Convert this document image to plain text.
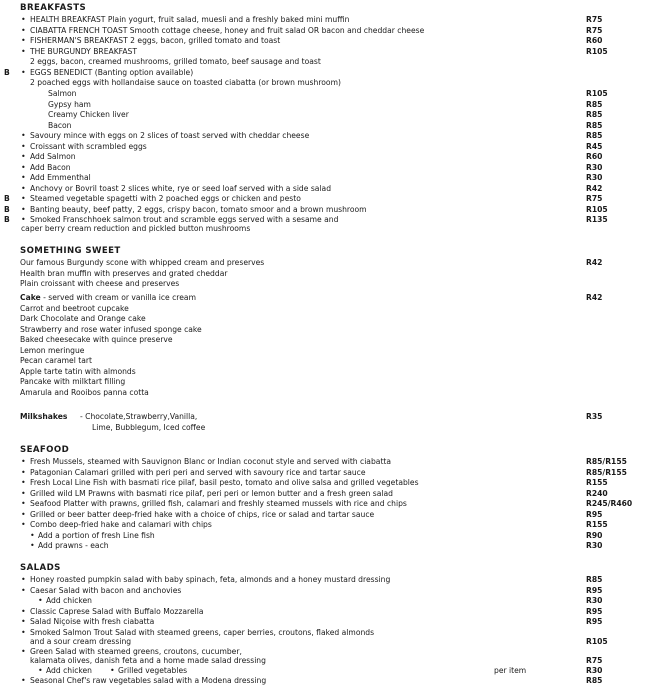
BREAKFASTS
• HEALTH BREAKFAST Plain yogurt, fruit salad, muesli and a freshly baked mini muffin	R75
• CIABATTA FRENCH TOAST Smooth cottage cheese, honey and fruit salad OR bacon and cheddar cheese	R75
• FISHERMAN'S BREAKFAST 2 eggs, bacon, grilled tomato and toast	R60
• THE BURGUNDY BREAKFAST	R105
2 eggs, bacon, creamed mushrooms, grilled tomato, beef sausage and toast
B • EGGS BENEDICT (Banting option available)
2 poached eggs with hollandaise sauce on toasted ciabatta (or brown mushroom)
Salmon	R105
Gypsy ham	R85
Creamy Chicken liver	R85
Bacon	R85
• Savoury mince with eggs on 2 slices of toast served with cheddar cheese	R85
• Croissant with scrambled eggs	R45
• Add Salmon	R60
• Add Bacon	R30
• Add Emmenthal	R30
• Anchovy or Bovril toast 2 slices white, rye or seed loaf served with a side salad	R42
B • Steamed vegetable spagetti with 2 poached eggs or chicken and pesto	R75
B • Banting beauty, beef patty, 2 eggs, crispy bacon, tomato smoor and a brown mushroom	R105
B • Smoked Franschhoek salmon trout and scramble eggs served with a sesame and	R135
caper berry cream reduction and pickled button mushrooms
SOMETHING SWEET
Our famous Burgundy scone with whipped cream and preserves	R42
Health bran muffin with preserves and grated cheddar
Plain croissant with cheese and preserves
Cake - served with cream or vanilla ice cream	R42
Carrot and beetroot cupcake
Dark Chocolate and Orange cake
Strawberry and rose water infused sponge cake
Baked cheesecake with quince preserve
Lemon meringue
Pecan caramel tart
Apple tarte tatin with almonds
Pancake with milktart filling
Amarula and Rooibos panna cotta
Milkshakes - Chocolate,Strawberry,Vanilla,	R35
Lime, Bubblegum, Iced coffee
SEAFOOD
• Fresh Mussels, steamed with Sauvignon Blanc or Indian coconut style and served with ciabatta	R85/R155
• Patagonian Calamari grilled with peri peri and served with savoury rice and tartar sauce	R85/R155
• Fresh Local Line Fish with basmati rice pilaf, basil pesto, tomato and olive salsa and grilled vegetables	R155
• Grilled wild LM Prawns with basmati rice pilaf, peri peri or lemon butter and a fresh green salad	R240
• Seafood Platter with prawns, grilled fish, calamari and freshly steamed mussels with rice and chips	R245/R460
• Grilled or beer batter deep-fried hake with a choice of chips, rice or salad and tartar sauce	R95
• Combo deep-fried hake and calamari with chips	R155
• Add a portion of fresh Line fish	R90
• Add prawns - each	R30
SALADS
• Honey roasted pumpkin salad with baby spinach, feta, almonds and a honey mustard dressing	R85
• Caesar Salad with bacon and anchovies	R95
• Add chicken	R30
• Classic Caprese Salad with Buffalo Mozzarella	R95
• Salad Niçoise with fresh ciabatta	R95
• Smoked Salmon Trout Salad with steamed greens, caper berries, croutons, flaked almonds
and a sour cream dressing	R105
• Green Salad with steamed greens, croutons, cucumber,
kalamata olives, danish feta and a home made salad dressing	R75
• Add chicken • Grilled vegetables	per item	R30
• Seasonal Chef's raw vegetables salad with a Modena dressing	R85
